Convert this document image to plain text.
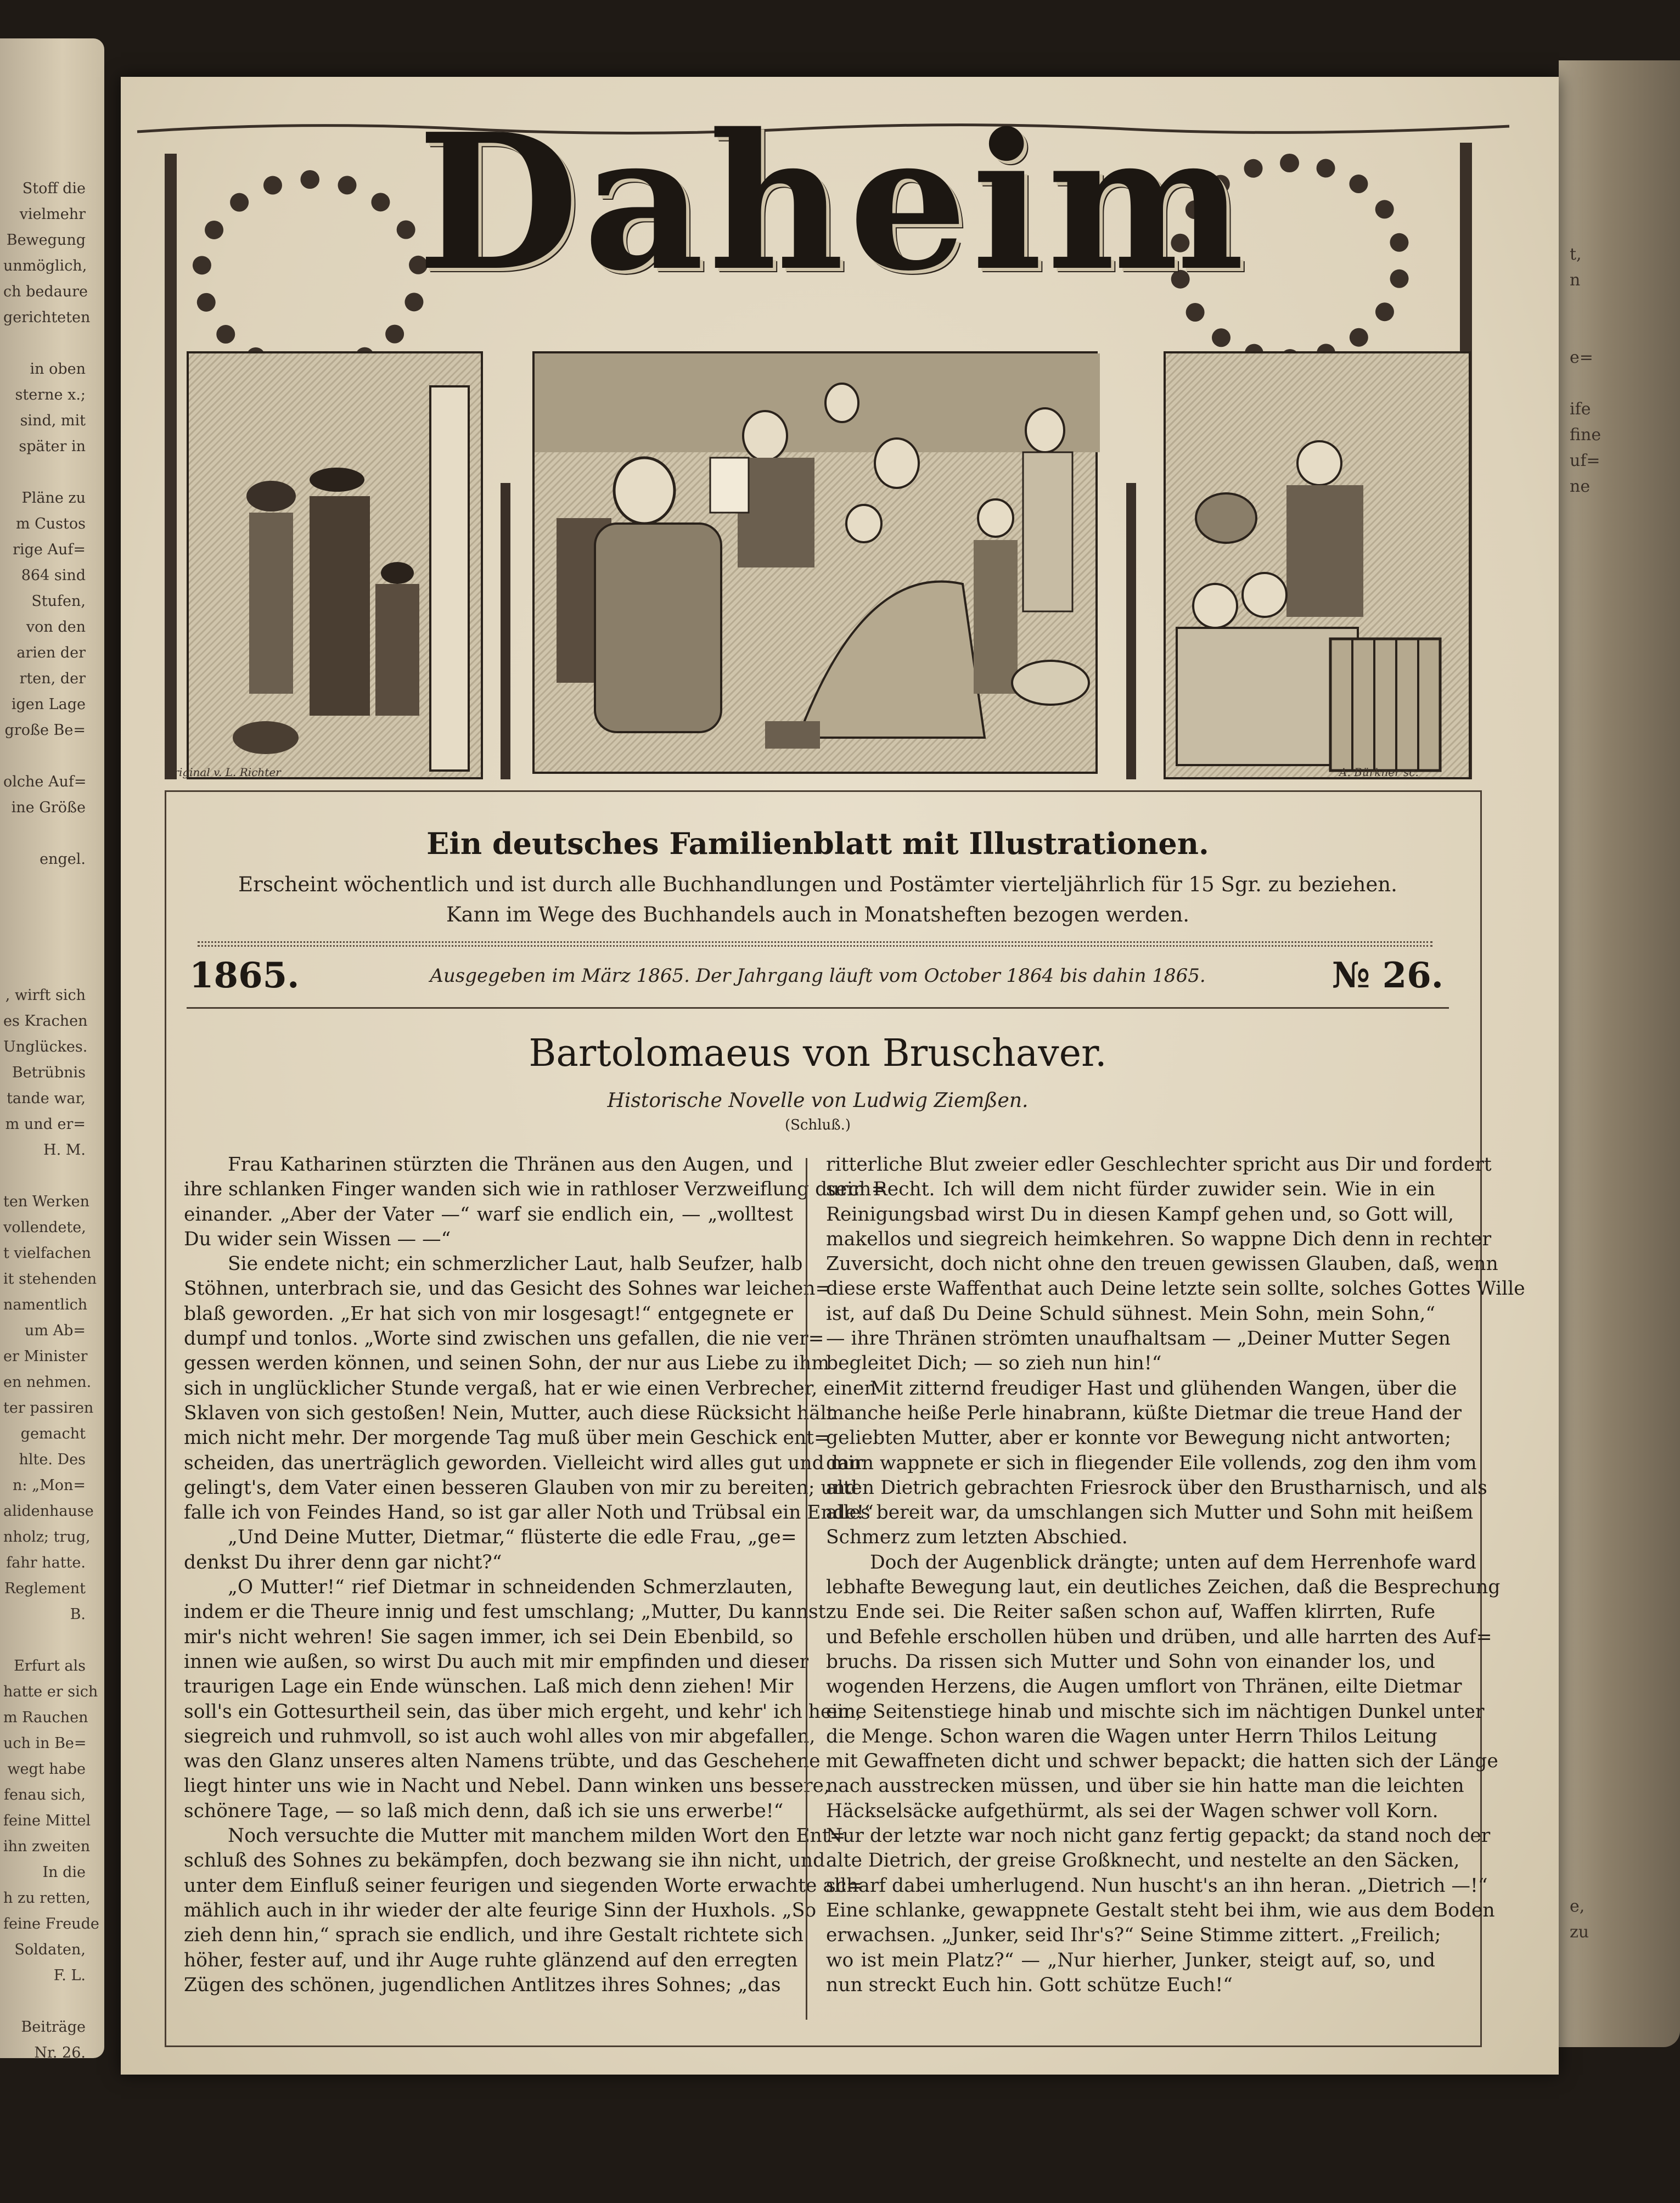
Stoff die
vielmehr
Bewegung
unmöglich,
ch bedaure
gerichteten
in oben
sterne x.;
sind, mit
später in
Pläne zu
m Custos
rige Auf=
864 sind
Stufen,
von den
arien der
rten, der
igen Lage
große Be=
olche Auf=
ine Größe
engel.
, wirft sich
es Krachen
Unglückes.
Betrübnis
tande war,
m und er=
H. M.
ten Werken
vollendete,
t vielfachen
it stehenden
namentlich
um Ab=
er Minister
en nehmen.
ter passiren
gemacht
hlte. Des
n: „Mon=
alidenhause
nholz; trug,
fahr hatte.
Reglement
B.
Erfurt als
hatte er sich
m Rauchen
uch in Be=
wegt habe
fenau sich,
feine Mittel
ihn zweiten
In die
h zu retten,
feine Freude
Soldaten,
F. L.
Beiträge
Nr. 26.
t,
n
e=
ife
fine
uf=
ne
e,
zu
Daheim
Original v. L. Richter	A. Bürkner sc.
Ein deutsches Familienblatt mit Illustrationen.
Erscheint wöchentlich und ist durch alle Buchhandlungen und Postämter vierteljährlich für 15 Sgr. zu beziehen.
Kann im Wege des Buchhandels auch in Monatsheften bezogen werden.
1865.	Ausgegeben im März 1865. Der Jahrgang läuft vom October 1864 bis dahin 1865.	№ 26.
Bartolomaeus von Bruschaver.
Historische Novelle von Ludwig Ziemßen.
(Schluß.)

Frau Katharinen stürzten die Thränen aus den Augen, und

ihre schlanken Finger wanden sich wie in rathloser Verzweiflung durch=

einander. „Aber der Vater —“ warf sie endlich ein, — „wolltest

Du wider sein Wissen — —“

Sie endete nicht; ein schmerzlicher Laut, halb Seufzer, halb

Stöhnen, unterbrach sie, und das Gesicht des Sohnes war leichen=

blaß geworden. „Er hat sich von mir losgesagt!“ entgegnete er

dumpf und tonlos. „Worte sind zwischen uns gefallen, die nie ver=

gessen werden können, und seinen Sohn, der nur aus Liebe zu ihm

sich in unglücklicher Stunde vergaß, hat er wie einen Verbrecher, einen

Sklaven von sich gestoßen! Nein, Mutter, auch diese Rücksicht hält

mich nicht mehr. Der morgende Tag muß über mein Geschick ent=

scheiden, das unerträglich geworden. Vielleicht wird alles gut und mir

gelingt's, dem Vater einen besseren Glauben von mir zu bereiten; und

falle ich von Feindes Hand, so ist gar aller Noth und Trübsal ein Ende!“

„Und Deine Mutter, Dietmar,“ flüsterte die edle Frau, „ge=

denkst Du ihrer denn gar nicht?“

„O Mutter!“ rief Dietmar in schneidenden Schmerzlauten,

indem er die Theure innig und fest umschlang; „Mutter, Du kannst

mir's nicht wehren! Sie sagen immer, ich sei Dein Ebenbild, so

innen wie außen, so wirst Du auch mit mir empfinden und dieser

traurigen Lage ein Ende wünschen. Laß mich denn ziehen! Mir

soll's ein Gottesurtheil sein, das über mich ergeht, und kehr' ich heim,

siegreich und ruhmvoll, so ist auch wohl alles von mir abgefallen,

was den Glanz unseres alten Namens trübte, und das Geschehene

liegt hinter uns wie in Nacht und Nebel. Dann winken uns bessere,

schönere Tage, — so laß mich denn, daß ich sie uns erwerbe!“

Noch versuchte die Mutter mit manchem milden Wort den Ent=

schluß des Sohnes zu bekämpfen, doch bezwang sie ihn nicht, und

unter dem Einfluß seiner feurigen und siegenden Worte erwachte all=

mählich auch in ihr wieder der alte feurige Sinn der Huxhols. „So

zieh denn hin,“ sprach sie endlich, und ihre Gestalt richtete sich

höher, fester auf, und ihr Auge ruhte glänzend auf den erregten

Zügen des schönen, jugendlichen Antlitzes ihres Sohnes; „das

ritterliche Blut zweier edler Geschlechter spricht aus Dir und fordert

sein Recht. Ich will dem nicht fürder zuwider sein. Wie in ein

Reinigungsbad wirst Du in diesen Kampf gehen und, so Gott will,

makellos und siegreich heimkehren. So wappne Dich denn in rechter

Zuversicht, doch nicht ohne den treuen gewissen Glauben, daß, wenn

diese erste Waffenthat auch Deine letzte sein sollte, solches Gottes Wille

ist, auf daß Du Deine Schuld sühnest. Mein Sohn, mein Sohn,“

— ihre Thränen strömten unaufhaltsam — „Deiner Mutter Segen

begleitet Dich; — so zieh nun hin!“

Mit zitternd freudiger Hast und glühenden Wangen, über die

manche heiße Perle hinabrann, küßte Dietmar die treue Hand der

geliebten Mutter, aber er konnte vor Bewegung nicht antworten;

dann wappnete er sich in fliegender Eile vollends, zog den ihm vom

alten Dietrich gebrachten Friesrock über den Brustharnisch, und als

alles bereit war, da umschlangen sich Mutter und Sohn mit heißem

Schmerz zum letzten Abschied.

Doch der Augenblick drängte; unten auf dem Herrenhofe ward

lebhafte Bewegung laut, ein deutliches Zeichen, daß die Besprechung

zu Ende sei. Die Reiter saßen schon auf, Waffen klirrten, Rufe

und Befehle erschollen hüben und drüben, und alle harrten des Auf=

bruchs. Da rissen sich Mutter und Sohn von einander los, und

wogenden Herzens, die Augen umflort von Thränen, eilte Dietmar

eine Seitenstiege hinab und mischte sich im nächtigen Dunkel unter

die Menge. Schon waren die Wagen unter Herrn Thilos Leitung

mit Gewaffneten dicht und schwer bepackt; die hatten sich der Länge

nach ausstrecken müssen, und über sie hin hatte man die leichten

Häckselsäcke aufgethürmt, als sei der Wagen schwer voll Korn.

Nur der letzte war noch nicht ganz fertig gepackt; da stand noch der

alte Dietrich, der greise Großknecht, und nestelte an den Säcken,

scharf dabei umherlugend. Nun huscht's an ihn heran. „Dietrich —!“

Eine schlanke, gewappnete Gestalt steht bei ihm, wie aus dem Boden

erwachsen. „Junker, seid Ihr's?“ Seine Stimme zittert. „Freilich;

wo ist mein Platz?“ — „Nur hierher, Junker, steigt auf, so, und

nun streckt Euch hin. Gott schütze Euch!“
